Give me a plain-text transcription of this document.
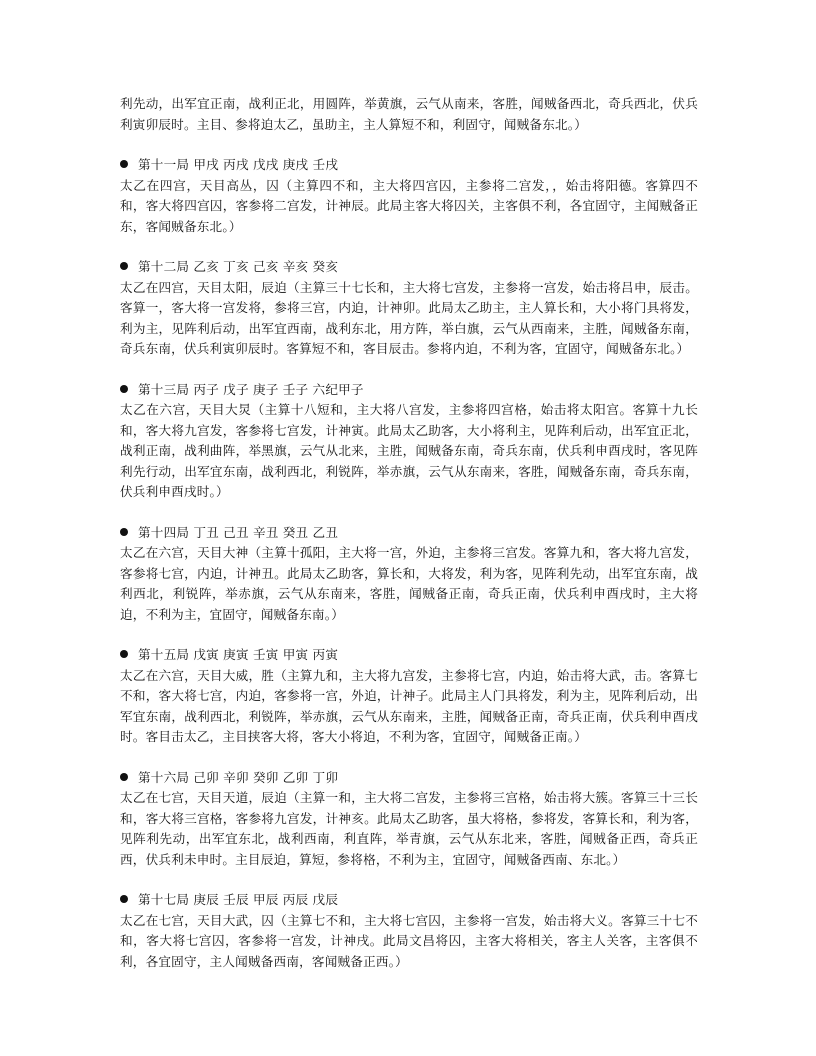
利先动，出军宜正南，战利正北，用圆阵，举黄旗，云气从南来，客胜，闻贼备西北，奇兵西北，伏兵利寅卯辰时。主目、参将迫太乙，虽助主，主人算短不和，利固守，闻贼备东北。）

第十一局 甲戌 丙戌 戊戌 庚戌 壬戌

太乙在四宫，天目高丛，囚（主算四不和，主大将四宫囚，主参将二宫发，，始击将阳德。客算四不和，客大将四宫囚，客参将二宫发，计神辰。此局主客大将囚关，主客俱不利，各宜固守，主闻贼备正东，客闻贼备东北。）

第十二局 乙亥 丁亥 己亥 辛亥 癸亥

太乙在四宫，天目太阳，辰迫（主算三十七长和，主大将七宫发，主参将一宫发，始击将吕申，辰击。客算一，客大将一宫发将，参将三宫，内迫，计神卯。此局太乙助主，主人算长和，大小将门具将发，利为主，见阵利后动，出军宜西南，战利东北，用方阵，举白旗，云气从西南来，主胜，闻贼备东南，奇兵东南，伏兵利寅卯辰时。客算短不和，客目辰击。参将内迫，不利为客，宜固守，闻贼备东北。）

第十三局 丙子 戊子 庚子 壬子 六纪甲子

太乙在六宫，天目大炅（主算十八短和，主大将八宫发，主参将四宫格，始击将太阳宫。客算十九长和，客大将九宫发，客参将七宫发，计神寅。此局太乙助客，大小将利主，见阵利后动，出军宜正北，战利正南，战利曲阵，举黑旗，云气从北来，主胜，闻贼备东南，奇兵东南，伏兵利申酉戌时，客见阵利先行动，出军宜东南，战利西北，利锐阵，举赤旗，云气从东南来，客胜，闻贼备东南，奇兵东南，伏兵利申酉戌时。）

第十四局 丁丑 己丑 辛丑 癸丑 乙丑

太乙在六宫，天目大神（主算十孤阳，主大将一宫，外迫，主参将三宫发。客算九和，客大将九宫发，客参将七宫，内迫，计神丑。此局太乙助客，算长和，大将发，利为客，见阵利先动，出军宜东南，战利西北，利锐阵，举赤旗，云气从东南来，客胜，闻贼备正南，奇兵正南，伏兵利申酉戌时，主大将迫，不利为主，宜固守，闻贼备东南。）

第十五局 戊寅 庚寅 壬寅 甲寅 丙寅

太乙在六宫，天目大威，胜（主算九和，主大将九宫发，主参将七宫，内迫，始击将大武，击。客算七不和，客大将七宫，内迫，客参将一宫，外迫，计神子。此局主人门具将发，利为主，见阵利后动，出军宜东南，战利西北，利锐阵，举赤旗，云气从东南来，主胜，闻贼备正南，奇兵正南，伏兵利申酉戌时。客目击太乙，主目挟客大将，客大小将迫，不利为客，宜固守，闻贼备正南。）

第十六局 己卯 辛卯 癸卯 乙卯 丁卯

太乙在七宫，天目天道，辰迫（主算一和，主大将二宫发，主参将三宫格，始击将大簇。客算三十三长和，客大将三宫格，客参将九宫发，计神亥。此局太乙助客，虽大将格，参将发，客算长和，利为客，见阵利先动，出军宜东北，战利西南，利直阵，举青旗，云气从东北来，客胜，闻贼备正西，奇兵正西，伏兵利未申时。主目辰迫，算短，参将格，不利为主，宜固守，闻贼备西南、东北。）

第十七局 庚辰 壬辰 甲辰 丙辰 戊辰

太乙在七宫，天目大武，囚（主算七不和，主大将七宫囚，主参将一宫发，始击将大义。客算三十七不和，客大将七宫囚，客参将一宫发，计神戌。此局文昌将囚，主客大将相关，客主人关客，主客俱不利，各宜固守，主人闻贼备西南，客闻贼备正西。）
